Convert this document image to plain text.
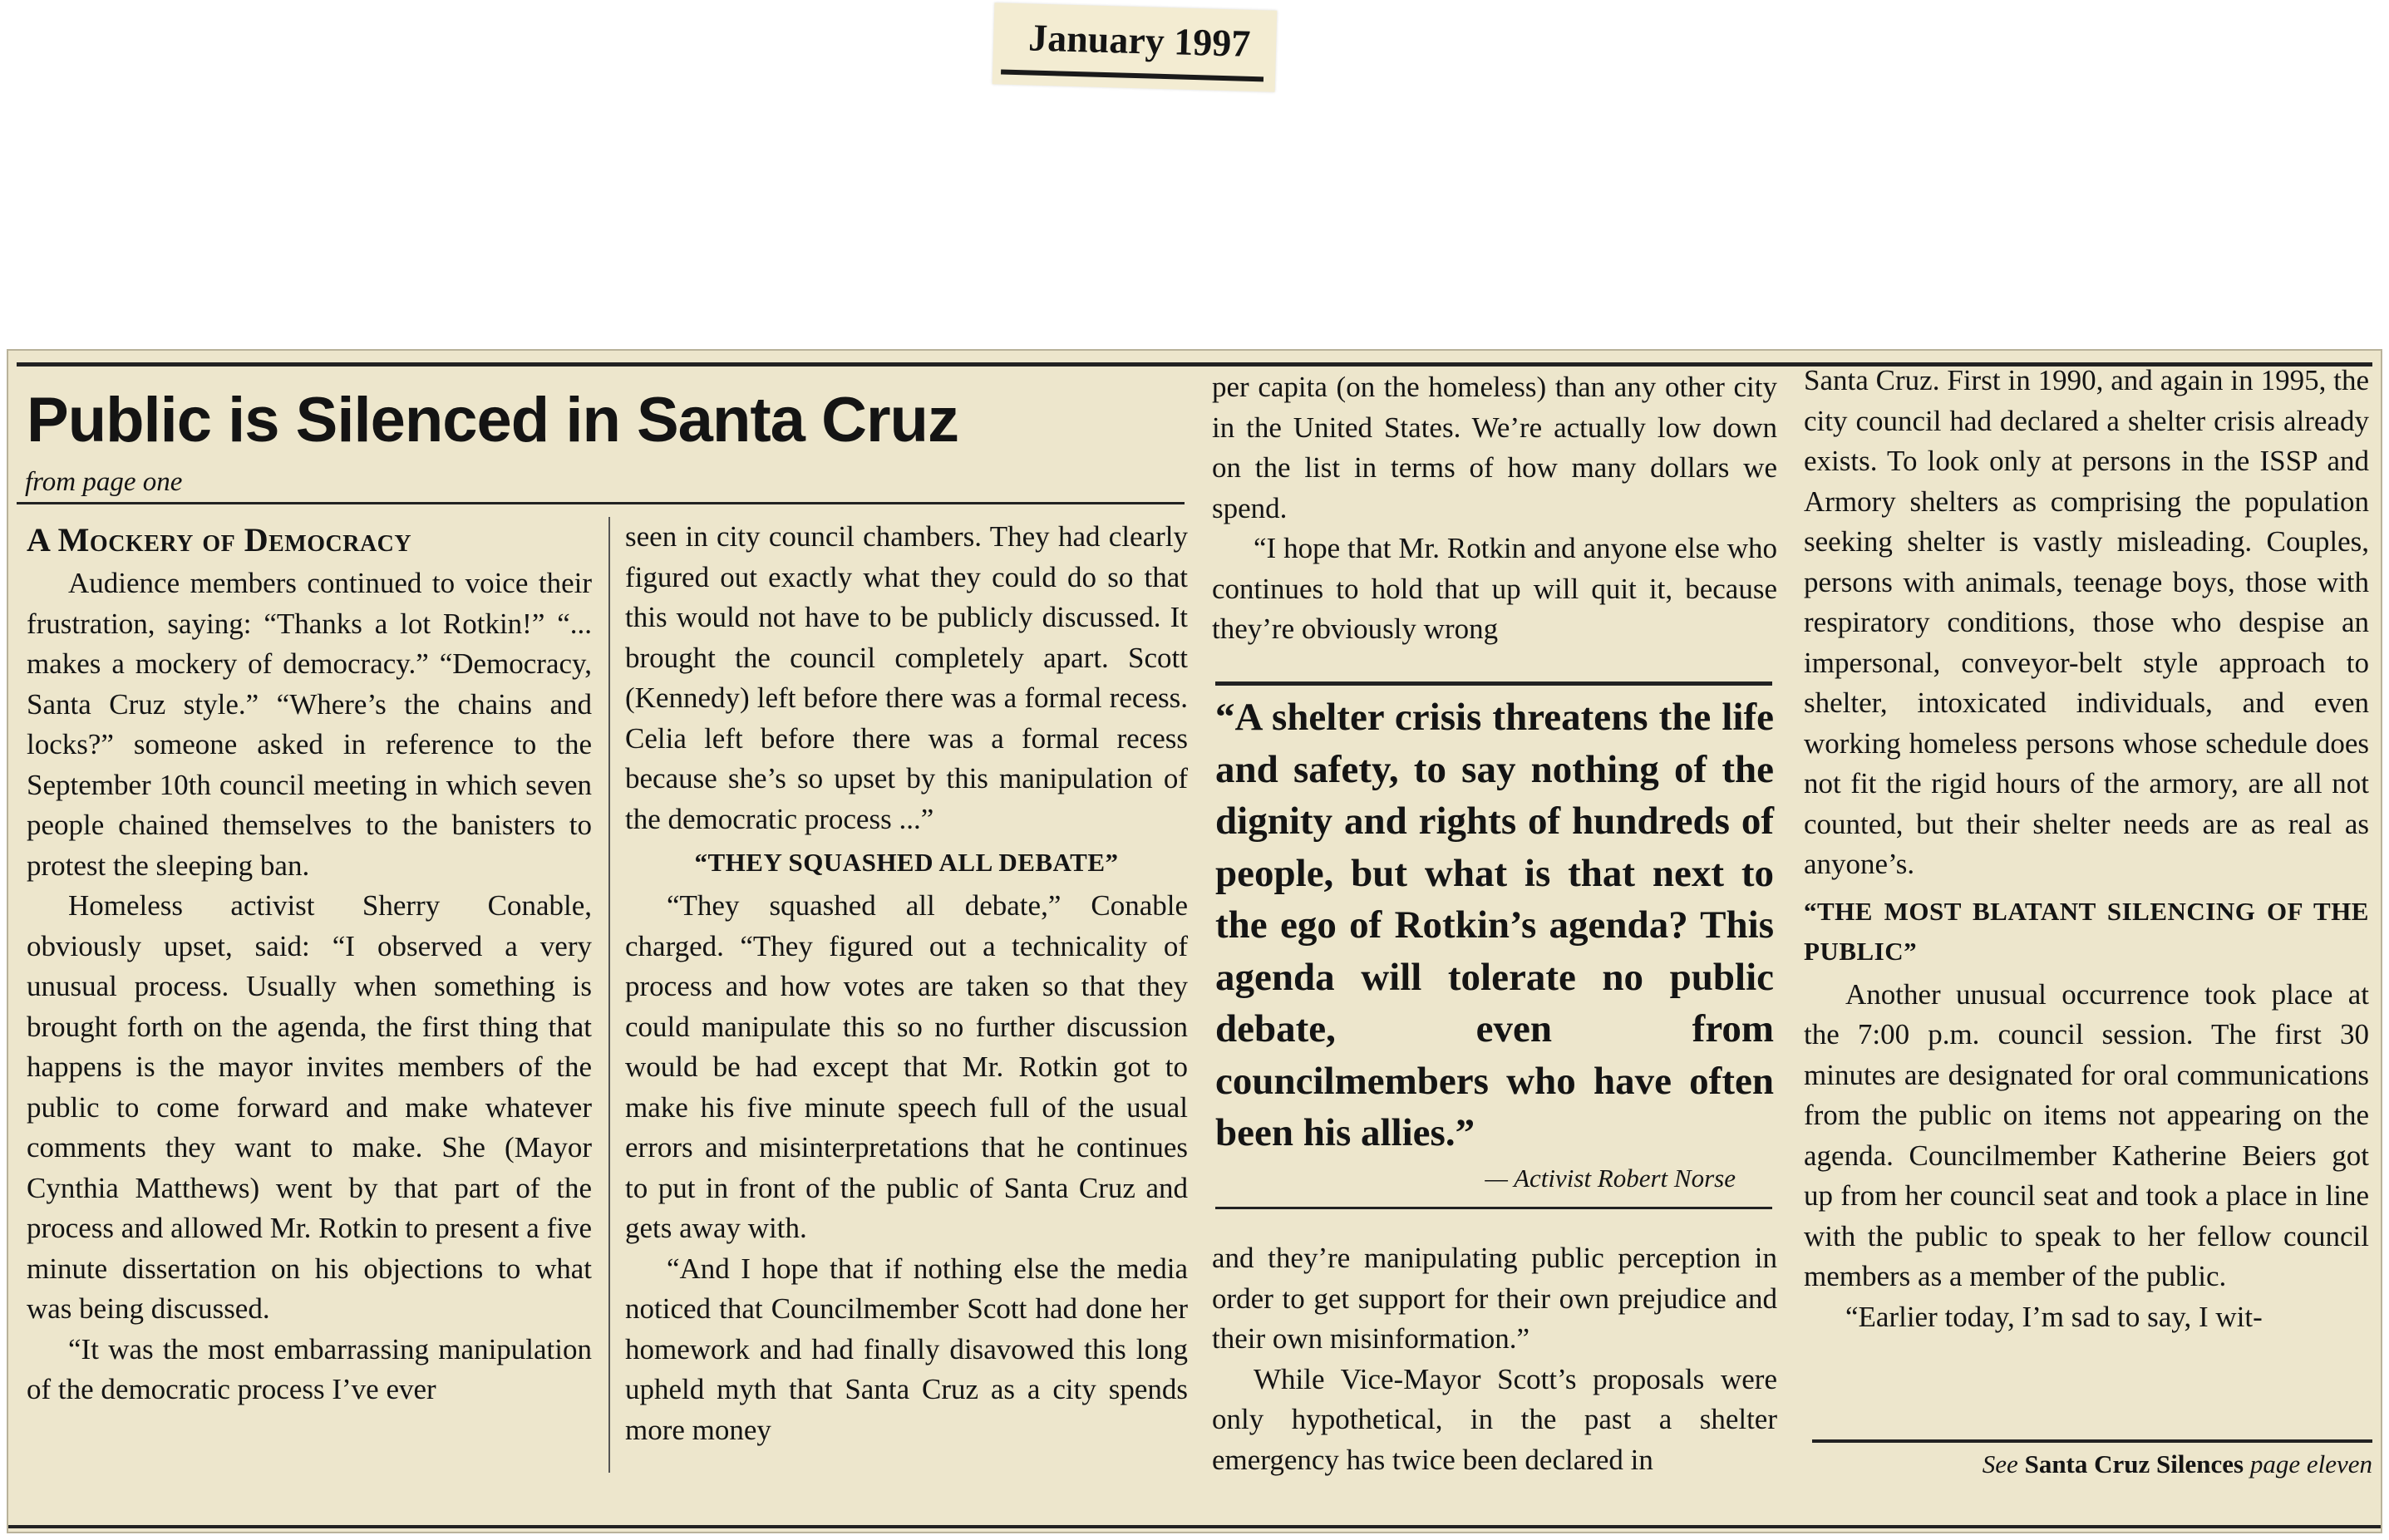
January 1997
Public is Silenced in Santa Cruz
from page one
A Mockery of Democracy

Audience members continued to voice their frustration, saying: “Thanks a lot Rotkin!” “... makes a mockery of democracy.” “Democracy, Santa Cruz style.” “Where’s the chains and locks?” someone asked in reference to the September 10th council meeting in which seven people chained themselves to the banisters to protest the sleeping ban.

Homeless activist Sherry Conable, obviously upset, said: “I observed a very unusual process. Usually when something is brought forth on the agenda, the first thing that happens is the mayor invites members of the public to come forward and make whatever comments they want to make. She (Mayor Cynthia Matthews) went by that part of the process and allowed Mr. Rotkin to present a five minute dissertation on his objections to what was being discussed.

“It was the most embarrassing manipulation of the democratic process I’ve ever

seen in city council chambers. They had clearly figured out exactly what they could do so that this would not have to be publicly discussed. It brought the council completely apart. Scott (Kennedy) left before there was a formal recess. Celia left before there was a formal recess because she’s so upset by this manipulation of the democratic process ...”

“THEY SQUASHED ALL DEBATE”

“They squashed all debate,” Conable charged. “They figured out a technicality of process and how votes are taken so that they could manipulate this so no further discussion would be had except that Mr. Rotkin got to make his five minute speech full of the usual errors and misinterpretations that he continues to put in front of the public of Santa Cruz and gets away with.

“And I hope that if nothing else the media noticed that Councilmember Scott had done her homework and had finally disavowed this long upheld myth that Santa Cruz as a city spends more money

per capita (on the homeless) than any other city in the United States. We’re actually low down on the list in terms of how many dollars we spend.

“I hope that Mr. Rotkin and anyone else who continues to hold that up will quit it, because they’re obviously wrong

“A shelter crisis threatens the life and safety, to say nothing of the dignity and rights of hundreds of people, but what is that next to the ego of Rotkin’s agenda? This agenda will tolerate no public debate, even from councilmembers who have often been his allies.”
— Activist Robert Norse

and they’re manipulating public perception in order to get support for their own prejudice and their own misinformation.”

While Vice-Mayor Scott’s proposals were only hypothetical, in the past a shelter emergency has twice been declared in

Santa Cruz. First in 1990, and again in 1995, the city council had declared a shelter crisis already exists. To look only at persons in the ISSP and Armory shelters as comprising the population seeking shelter is vastly misleading. Couples, persons with animals, teenage boys, those with respiratory conditions, those who despise an impersonal, conveyor-belt style approach to shelter, intoxicated individuals, and even working homeless persons whose schedule does not fit the rigid hours of the armory, are all not counted, but their shelter needs are as real as anyone’s.

“THE MOST BLATANT SILENCING OF THE PUBLIC”

Another unusual occurrence took place at the 7:00 p.m. council session. The first 30 minutes are designated for oral communications from the public on items not appearing on the agenda. Councilmember Katherine Beiers got up from her council seat and took a place in line with the public to speak to her fellow council members as a member of the public.

“Earlier today, I’m sad to say, I wit-

See Santa Cruz Silences page eleven
